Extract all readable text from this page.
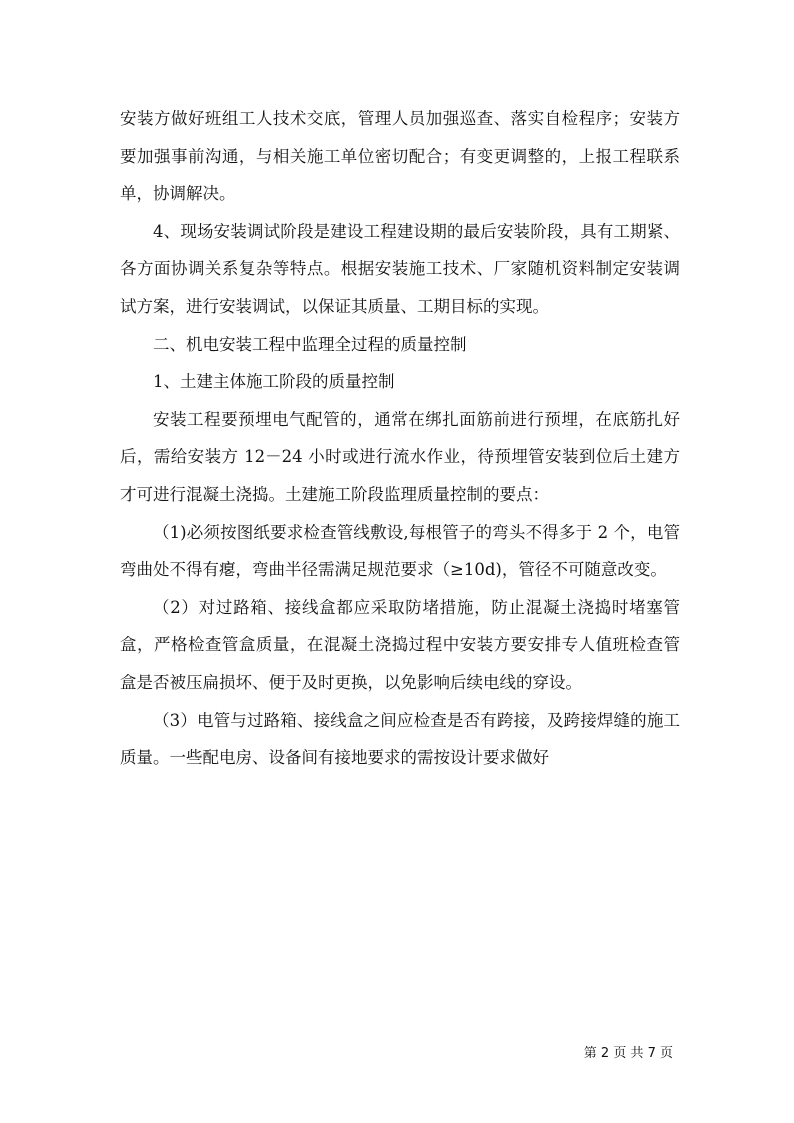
安装方做好班组工人技术交底，管理人员加强巡查、落实自检程序；安装方要加强事前沟通，与相关施工单位密切配合；有变更调整的，上报工程联系单，协调解决。

4、现场安装调试阶段是建设工程建设期的最后安装阶段，具有工期紧、各方面协调关系复杂等特点。根据安装施工技术、厂家随机资料制定安装调试方案，进行安装调试，以保证其质量、工期目标的实现。

二、机电安装工程中监理全过程的质量控制

1、土建主体施工阶段的质量控制

安装工程要预埋电气配管的，通常在绑扎面筋前进行预埋，在底筋扎好后，需给安装方 12－24 小时或进行流水作业，待预埋管安装到位后土建方才可进行混凝土浇捣。土建施工阶段监理质量控制的要点：

（1)必须按图纸要求检查管线敷设,每根管子的弯头不得多于 2 个，电管弯曲处不得有瘪，弯曲半径需满足规范要求（≥10d)，管径不可随意改变。

（2）对过路箱、接线盒都应采取防堵措施，防止混凝土浇捣时堵塞管盒，严格检查管盒质量，在混凝土浇捣过程中安装方要安排专人值班检查管盒是否被压扁损坏、便于及时更换，以免影响后续电线的穿设。

（3）电管与过路箱、接线盒之间应检查是否有跨接，及跨接焊缝的施工质量。一些配电房、设备间有接地要求的需按设计要求做好

第 2 页 共 7 页
